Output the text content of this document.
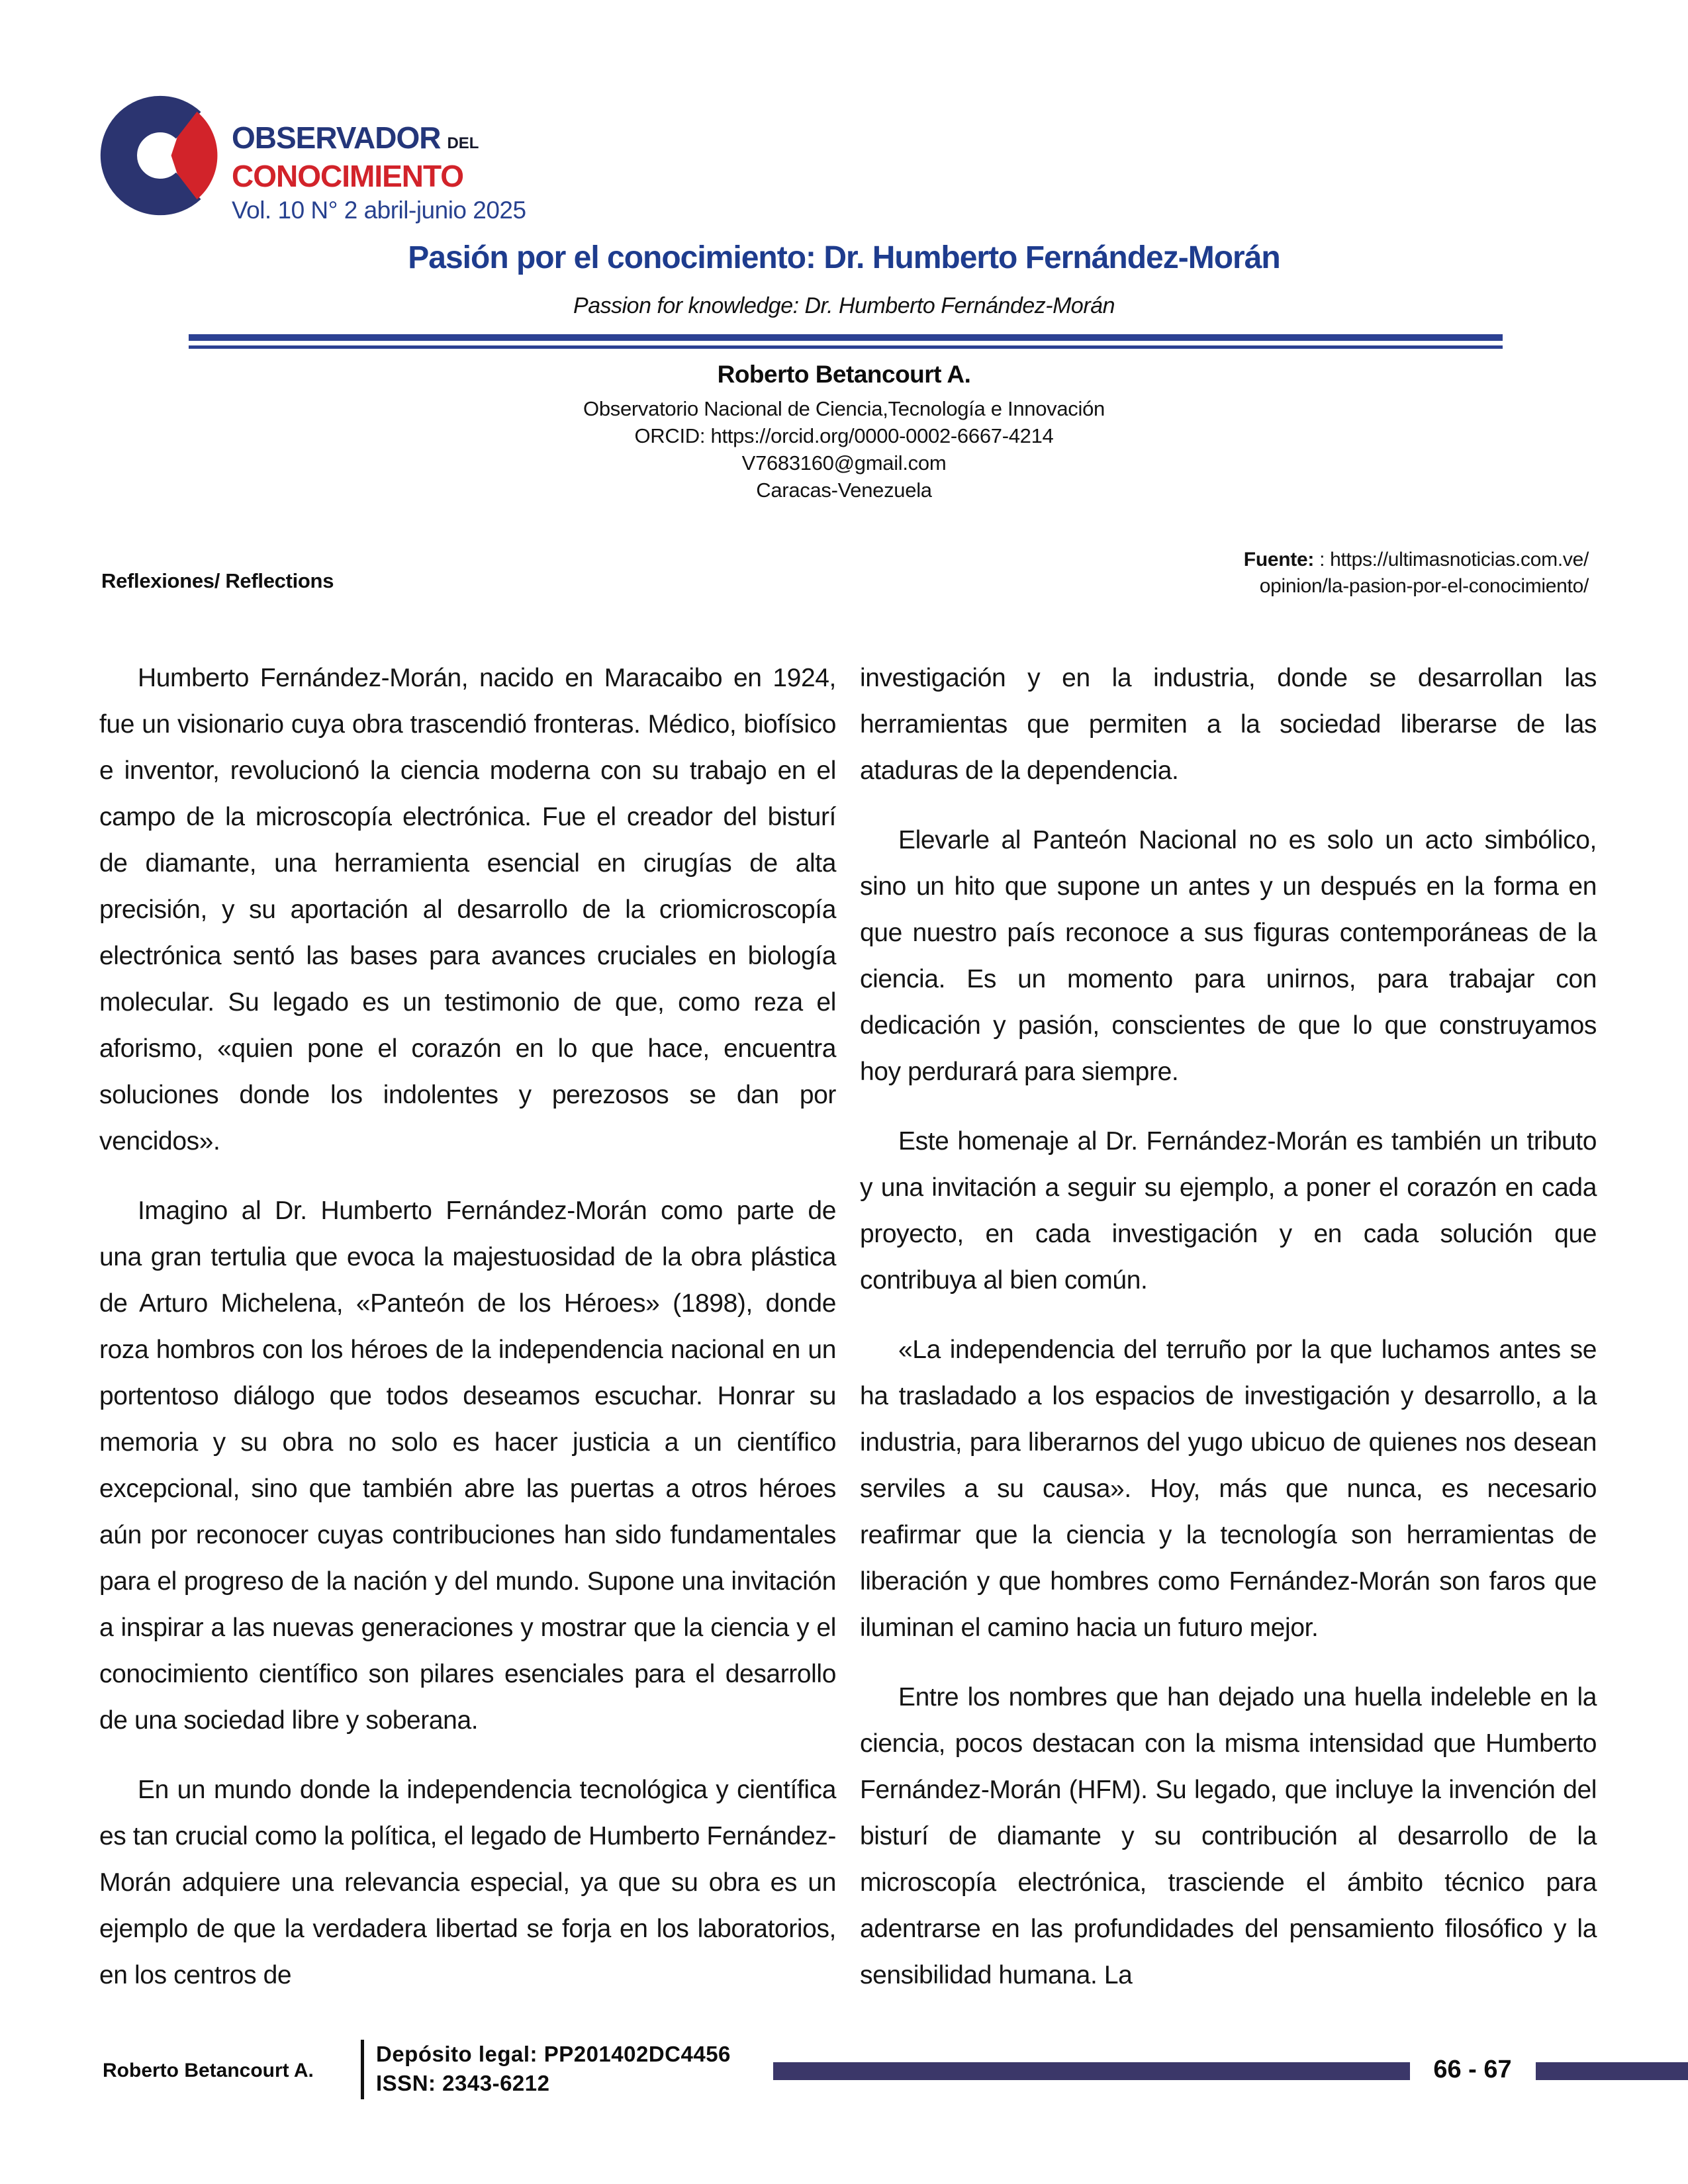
OBSERVADOR DEL
CONOCIMIENTO
Vol. 10 N° 2 abril-junio 2025
Pasión por el conocimiento: Dr. Humberto Fernández-Morán
Passion for knowledge: Dr. Humberto Fernández-Morán
Roberto Betancourt A.
Observatorio Nacional de Ciencia,Tecnología e Innovación
ORCID: https://orcid.org/0000-0002-6667-4214
V7683160@gmail.com
Caracas-Venezuela
Reflexiones/ Reflections
Fuente: : https://ultimasnoticias.com.ve/
opinion/la-pasion-por-el-conocimiento/

Humberto Fernández-Morán, nacido en Maracaibo en 1924, fue un visionario cuya obra trascendió fronteras. Médico, biofísico e inventor, revolucionó la ciencia moderna con su trabajo en el campo de la microscopía electrónica. Fue el creador del bisturí de diamante, una herramienta esencial en cirugías de alta precisión, y su aportación al desarrollo de la criomicroscopía electrónica sentó las bases para avances cruciales en biología molecular. Su legado es un testimonio de que, como reza el aforismo, «quien pone el corazón en lo que hace, encuentra soluciones donde los indolentes y perezosos se dan por vencidos».

Imagino al Dr. Humberto Fernández-Morán como parte de una gran tertulia que evoca la majestuosidad de la obra plástica de Arturo Michelena, «Panteón de los Héroes» (1898), donde roza hombros con los héroes de la independencia nacional en un portentoso diálogo que todos deseamos escuchar. Honrar su memoria y su obra no solo es hacer justicia a un científico excepcional, sino que también abre las puertas a otros héroes aún por reconocer cuyas contribuciones han sido fundamentales para el progreso de la nación y del mundo. Supone una invitación a inspirar a las nuevas generaciones y mostrar que la ciencia y el conocimiento científico son pilares esenciales para el desarrollo de una sociedad libre y soberana.

En un mundo donde la independencia tecnológica y científica es tan crucial como la política, el legado de Humberto Fernández-Morán adquiere una relevancia especial, ya que su obra es un ejemplo de que la verdadera libertad se forja en los laboratorios, en los centros de

investigación y en la industria, donde se desarrollan las herramientas que permiten a la sociedad liberarse de las ataduras de la dependencia.

Elevarle al Panteón Nacional no es solo un acto simbólico, sino un hito que supone un antes y un después en la forma en que nuestro país reconoce a sus figuras contemporáneas de la ciencia. Es un momento para unirnos, para trabajar con dedicación y pasión, conscientes de que lo que construyamos hoy perdurará para siempre.

Este homenaje al Dr. Fernández-Morán es también un tributo y una invitación a seguir su ejemplo, a poner el corazón en cada proyecto, en cada investigación y en cada solución que contribuya al bien común.

«La independencia del terruño por la que luchamos antes se ha trasladado a los espacios de investigación y desarrollo, a la industria, para liberarnos del yugo ubicuo de quienes nos desean serviles a su causa». Hoy, más que nunca, es necesario reafirmar que la ciencia y la tecnología son herramientas de liberación y que hombres como Fernández-Morán son faros que iluminan el camino hacia un futuro mejor.

Entre los nombres que han dejado una huella indeleble en la ciencia, pocos destacan con la misma intensidad que Humberto Fernández-Morán (HFM). Su legado, que incluye la invención del bisturí de diamante y su contribución al desarrollo de la microscopía electrónica, trasciende el ámbito técnico para adentrarse en las profundidades del pensamiento filosófico y la sensibilidad humana. La

Roberto Betancourt A.
Depósito legal: PP201402DC4456
ISSN: 2343-6212	66 - 67
